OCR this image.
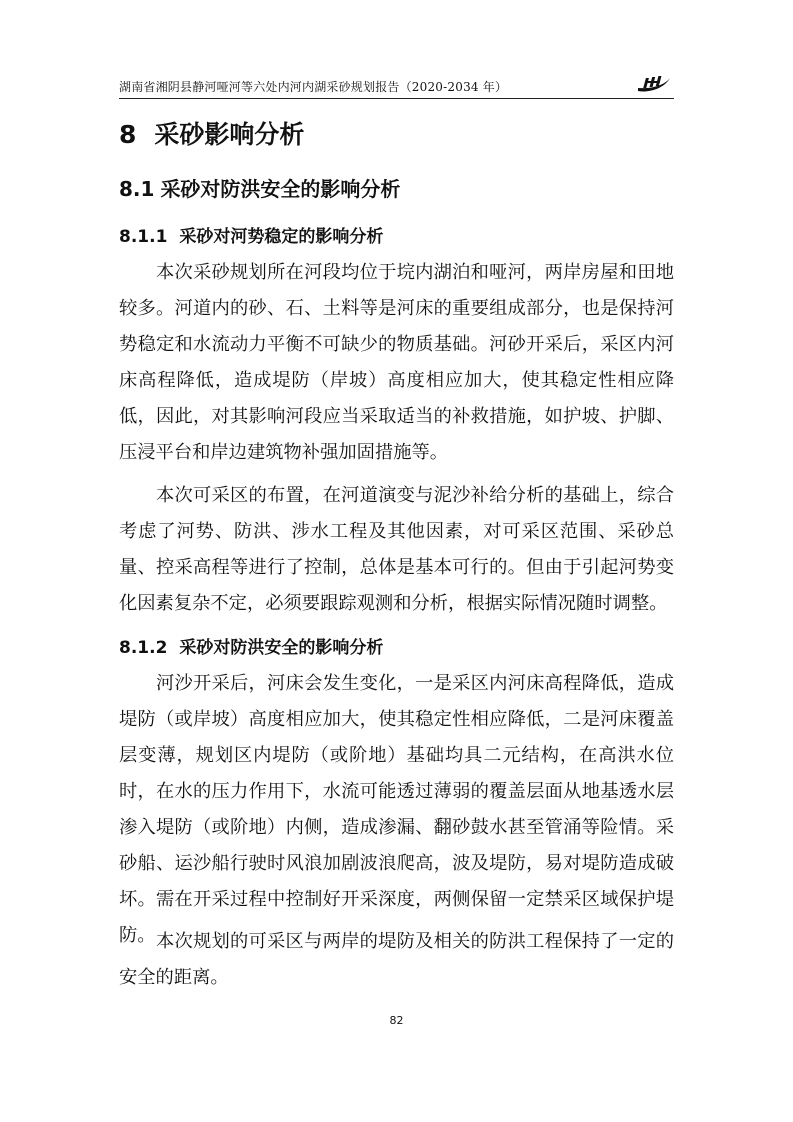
湖南省湘阴县静河哑河等六处内河内湖采砂规划报告（2020-2034 年）
8 采砂影响分析
8.1 采砂对防洪安全的影响分析
8.1.1 采砂对河势稳定的影响分析

本次采砂规划所在河段均位于垸内湖泊和哑河，两岸房屋和田地较多。河道内的砂、石、土料等是河床的重要组成部分，也是保持河势稳定和水流动力平衡不可缺少的物质基础。河砂开采后，采区内河床高程降低，造成堤防（岸坡）高度相应加大，使其稳定性相应降低，因此，对其影响河段应当采取适当的补救措施，如护坡、护脚、压浸平台和岸边建筑物补强加固措施等。

本次可采区的布置，在河道演变与泥沙补给分析的基础上，综合考虑了河势、防洪、涉水工程及其他因素，对可采区范围、采砂总量、控采高程等进行了控制，总体是基本可行的。但由于引起河势变化因素复杂不定，必须要跟踪观测和分析，根据实际情况随时调整。

8.1.2 采砂对防洪安全的影响分析

河沙开采后，河床会发生变化，一是采区内河床高程降低，造成堤防（或岸坡）高度相应加大，使其稳定性相应降低，二是河床覆盖层变薄，规划区内堤防（或阶地）基础均具二元结构，在高洪水位时，在水的压力作用下，水流可能透过薄弱的覆盖层面从地基透水层渗入堤防（或阶地）内侧，造成渗漏、翻砂鼓水甚至管涌等险情。采砂船、运沙船行驶时风浪加剧波浪爬高，波及堤防，易对堤防造成破坏。需在开采过程中控制好开采深度，两侧保留一定禁采区域保护堤防。 本次规划的可采区与两岸的堤防及相关的防洪工程保持了一定的安全的距离。

82
